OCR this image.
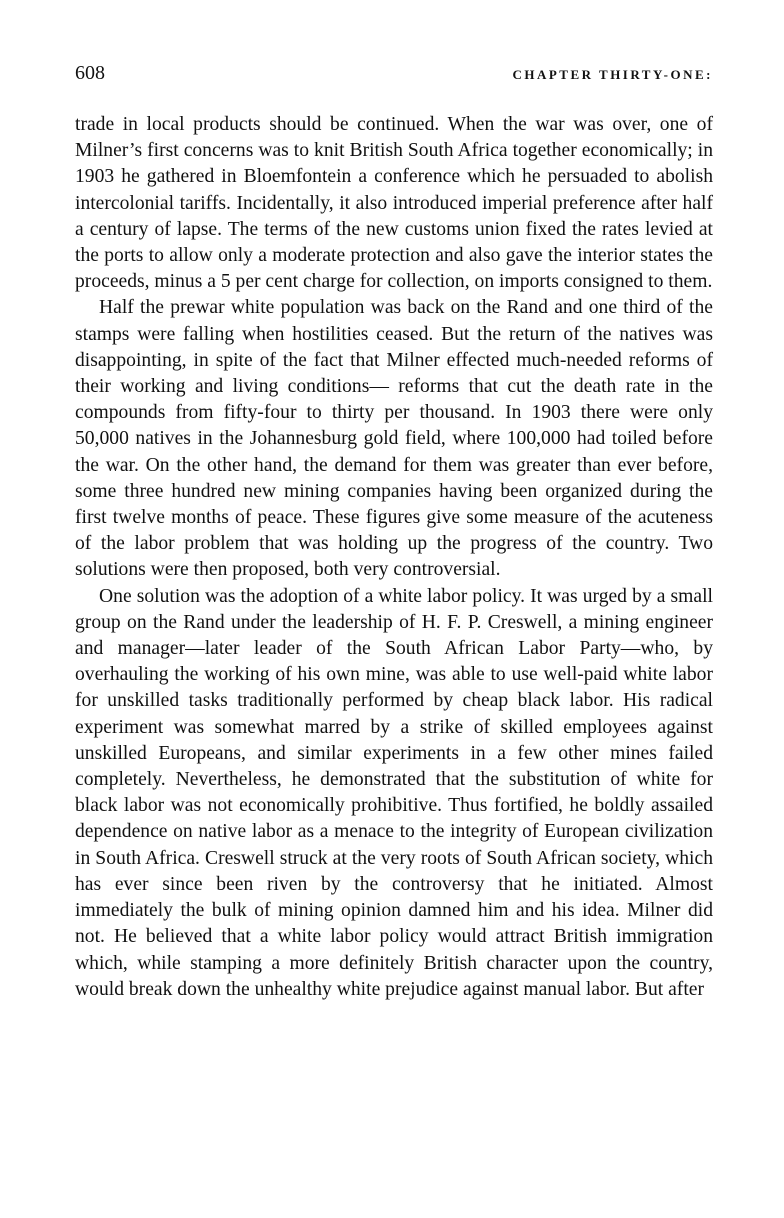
608	CHAPTER THIRTY-ONE:

trade in local products should be continued. When the war was over, one of Milner’s first concerns was to knit British South Africa together economically; in 1903 he gathered in Bloemfontein a conference which he persuaded to abolish intercolonial tariffs. Incidentally, it also introduced imperial preference after half a century of lapse. The terms of the new customs union fixed the rates levied at the ports to allow only a moderate protection and also gave the interior states the proceeds, minus a 5 per cent charge for collection, on imports consigned to them.

Half the prewar white population was back on the Rand and one third of the stamps were falling when hostilities ceased. But the return of the natives was disappointing, in spite of the fact that Milner effected much-needed reforms of their working and living conditions— reforms that cut the death rate in the compounds from fifty-four to thirty per thousand. In 1903 there were only 50,000 natives in the Johannesburg gold field, where 100,000 had toiled before the war. On the other hand, the demand for them was greater than ever before, some three hundred new mining companies having been organized during the first twelve months of peace. These figures give some measure of the acuteness of the labor problem that was holding up the progress of the country. Two solutions were then proposed, both very controversial.

One solution was the adoption of a white labor policy. It was urged by a small group on the Rand under the leadership of H. F. P. Creswell, a mining engineer and manager—later leader of the South African Labor Party—who, by overhauling the working of his own mine, was able to use well-paid white labor for unskilled tasks traditionally performed by cheap black labor. His radical experiment was somewhat marred by a strike of skilled employees against unskilled Europeans, and similar experiments in a few other mines failed completely. Nevertheless, he demonstrated that the substitution of white for black labor was not economically prohibitive. Thus fortified, he boldly assailed dependence on native labor as a menace to the integrity of European civilization in South Africa. Creswell struck at the very roots of South African society, which has ever since been riven by the controversy that he initiated. Almost immediately the bulk of mining opinion damned him and his idea. Milner did not. He believed that a white labor policy would attract British immigration which, while stamping a more definitely British character upon the country, would break down the unhealthy white prejudice against manual labor. But after
